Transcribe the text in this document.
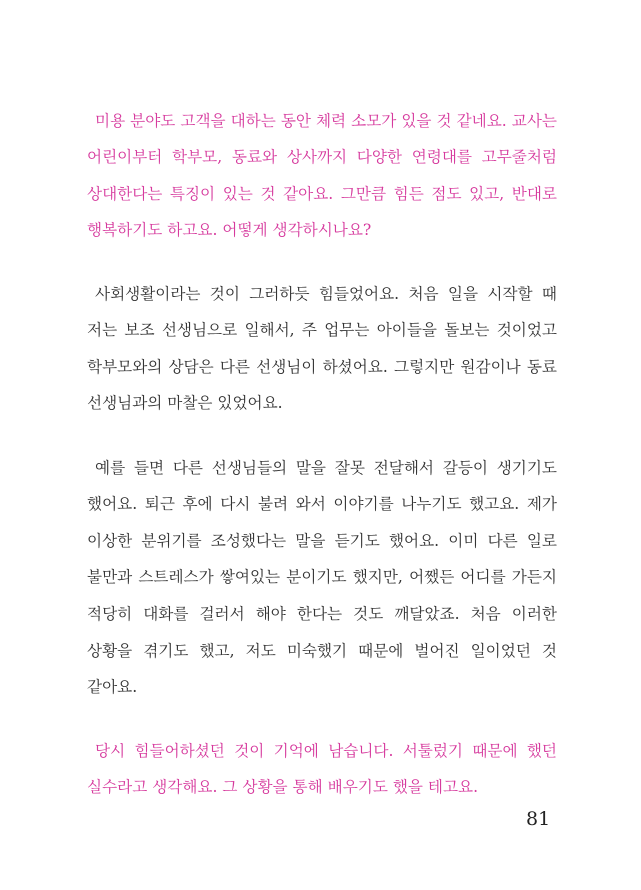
미용 분야도 고객을 대하는 동안 체력 소모가 있을 것 같네요. 교사는 어린이부터 학부모, 동료와 상사까지 다양한 연령대를 고무줄처럼 상대한다는 특징이 있는 것 같아요. 그만큼 힘든 점도 있고, 반대로 행복하기도 하고요. 어떻게 생각하시나요?

사회생활이라는 것이 그러하듯 힘들었어요. 처음 일을 시작할 때 저는 보조 선생님으로 일해서, 주 업무는 아이들을 돌보는 것이었고 학부모와의 상담은 다른 선생님이 하셨어요. 그렇지만 원감이나 동료 선생님과의 마찰은 있었어요.

예를 들면 다른 선생님들의 말을 잘못 전달해서 갈등이 생기기도 했어요. 퇴근 후에 다시 불려 와서 이야기를 나누기도 했고요. 제가 이상한 분위기를 조성했다는 말을 듣기도 했어요. 이미 다른 일로 불만과 스트레스가 쌓여있는 분이기도 했지만, 어쨌든 어디를 가든지 적당히 대화를 걸러서 해야 한다는 것도 깨달았죠. 처음 이러한 상황을 겪기도 했고, 저도 미숙했기 때문에 벌어진 일이었던 것 같아요.

당시 힘들어하셨던 것이 기억에 남습니다. 서툴렀기 때문에 했던 실수라고 생각해요. 그 상황을 통해 배우기도 했을 테고요.

81
